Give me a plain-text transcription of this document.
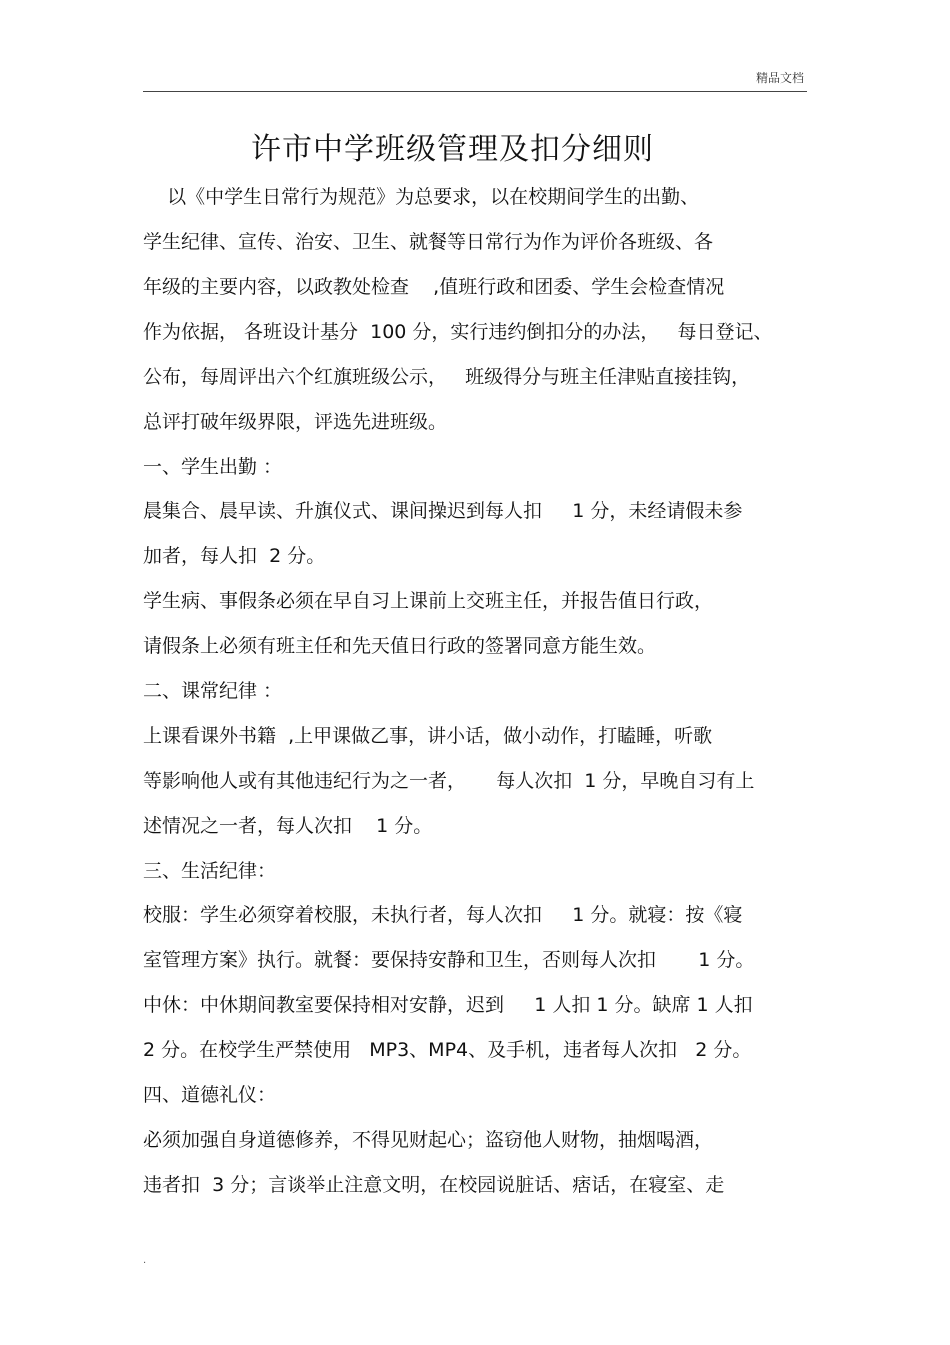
精品文档
许市中学班级管理及扣分细则
以《中学生日常行为规范》为总要求，以在校期间学生的出勤、
学生纪律、宣传、治安、卫生、就餐等日常行为作为评价各班级、各
年级的主要内容，以政教处检查    ,值班行政和团委、学生会检查情况
作为依据， 各班设计基分  100 分，实行违约倒扣分的办法，   每日登记、
公布，每周评出六个红旗班级公示，   班级得分与班主任津贴直接挂钩，
总评打破年级界限，评选先进班级。
一、学生出勤 ：
晨集合、晨早读、升旗仪式、课间操迟到每人扣     1 分，未经请假未参
加者，每人扣  2 分。
学生病、事假条必须在早自习上课前上交班主任，并报告值日行政，
请假条上必须有班主任和先天值日行政的签署同意方能生效。
二、课常纪律 ：
上课看课外书籍  ,上甲课做乙事，讲小话，做小动作，打瞌睡，听歌
等影响他人或有其他违纪行为之一者，     每人次扣  1 分，早晚自习有上
述情况之一者，每人次扣    1 分。
三、生活纪律：
校服：学生必须穿着校服，未执行者，每人次扣     1 分。就寝：按《寝
室管理方案》执行。就餐：要保持安静和卫生，否则每人次扣       1 分。
中休：中休期间教室要保持相对安静，迟到     1 人扣 1 分。缺席 1 人扣
2 分。在校学生严禁使用   MP3、MP4、及手机，违者每人次扣   2 分。
四、道德礼仪：
必须加强自身道德修养，不得见财起心；盗窃他人财物，抽烟喝酒，
违者扣  3 分；言谈举止注意文明，在校园说脏话、痞话，在寝室、走
.
